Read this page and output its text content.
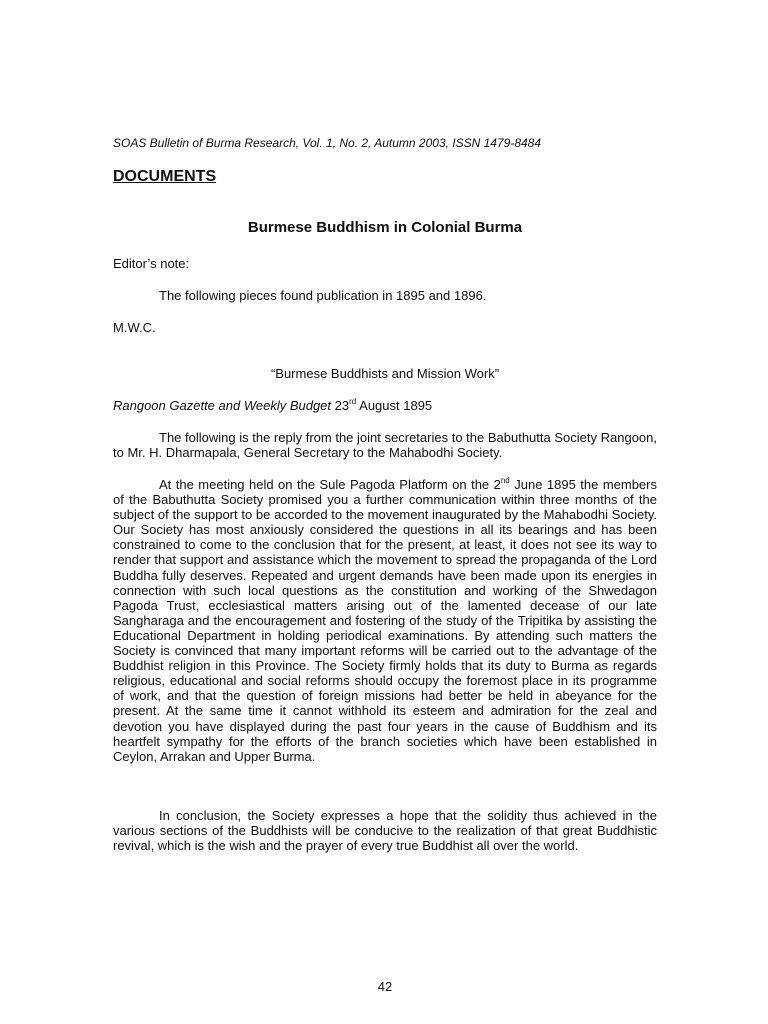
SOAS Bulletin of Burma Research, Vol. 1, No. 2, Autumn 2003, ISSN 1479-8484
DOCUMENTS
Burmese Buddhism in Colonial Burma
Editor’s note:
The following pieces found publication in 1895 and 1896.
M.W.C.
“Burmese Buddhists and Mission Work”
Rangoon Gazette and Weekly Budget 23rd August 1895

The following is the reply from the joint secretaries to the Babuthutta Society Rangoon, to Mr. H. Dharmapala, General Secretary to the Mahabodhi Society.

At the meeting held on the Sule Pagoda Platform on the 2nd June 1895 the members of the Babuthutta Society promised you a further communication within three months of the subject of the support to be accorded to the movement inaugurated by the Mahabodhi Society. Our Society has most anxiously considered the questions in all its bearings and has been constrained to come to the conclusion that for the present, at least, it does not see its way to render that support and assistance which the movement to spread the propaganda of the Lord Buddha fully deserves. Repeated and urgent demands have been made upon its energies in connection with such local questions as the constitution and working of the Shwedagon Pagoda Trust, ecclesiastical matters arising out of the lamented decease of our late Sangharaga and the encouragement and fostering of the study of the Tripitika by assisting the Educational Department in holding periodical examinations. By attending such matters the Society is convinced that many important reforms will be carried out to the advantage of the Buddhist religion in this Province. The Society firmly holds that its duty to Burma as regards religious, educational and social reforms should occupy the foremost place in its programme of work, and that the question of foreign missions had better be held in abeyance for the present. At the same time it cannot withhold its esteem and admiration for the zeal and devotion you have displayed during the past four years in the cause of Buddhism and its heartfelt sympathy for the efforts of the branch societies which have been established in Ceylon, Arrakan and Upper Burma.

In conclusion, the Society expresses a hope that the solidity thus achieved in the various sections of the Buddhists will be conducive to the realization of that great Buddhistic revival, which is the wish and the prayer of every true Buddhist all over the world.

42
